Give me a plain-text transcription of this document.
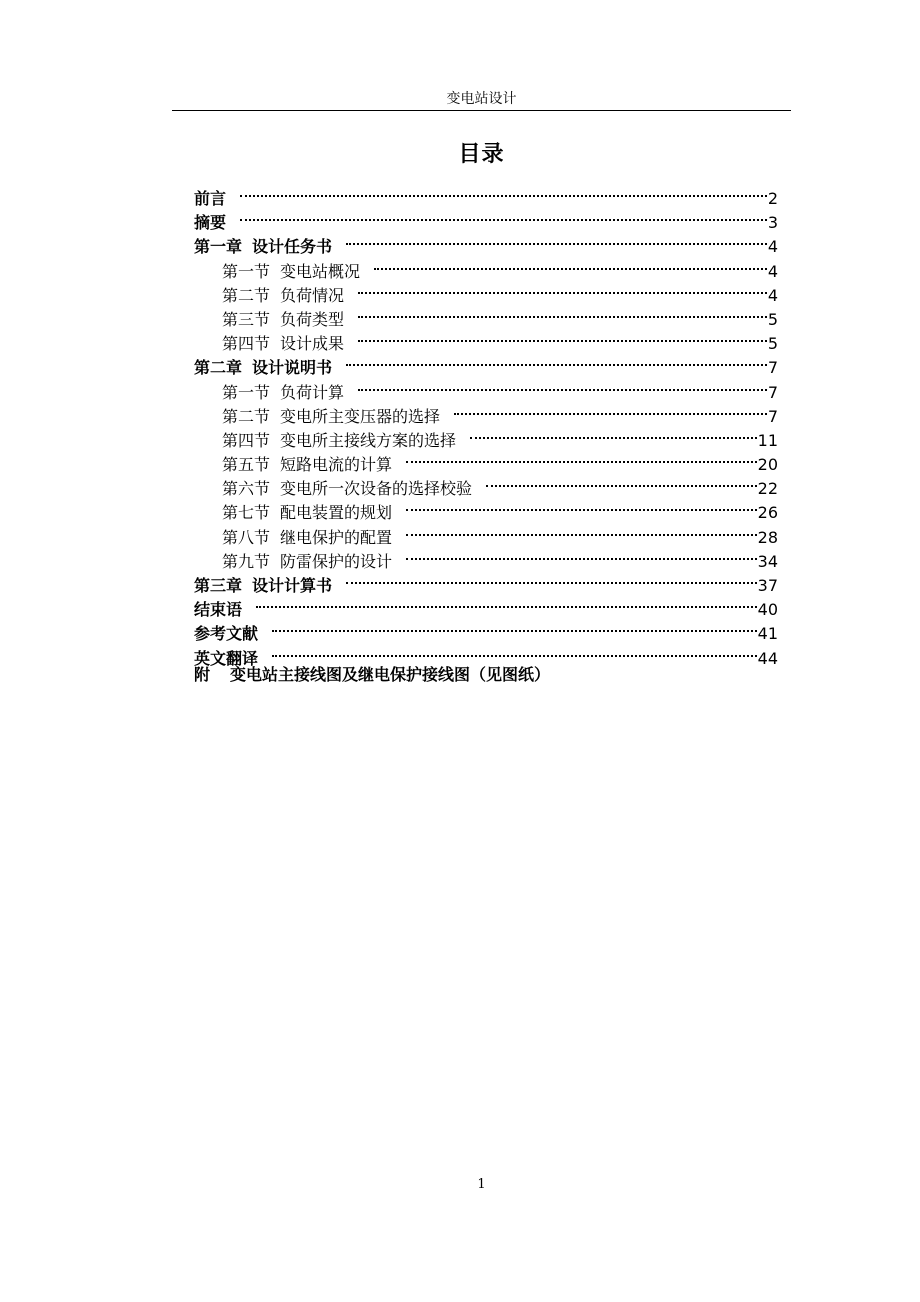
变电站设计
目录
前言	2
摘要	3
第一章 设计任务书	4
第一节 变电站概况	4
第二节 负荷情况	4
第三节 负荷类型	5
第四节 设计成果	5
第二章 设计说明书	7
第一节 负荷计算	7
第二节 变电所主变压器的选择	7
第四节 变电所主接线方案的选择	11
第五节 短路电流的计算	20
第六节 变电所一次设备的选择校验	22
第七节 配电装置的规划	26
第八节 继电保护的配置	28
第九节 防雷保护的设计	34
第三章 设计计算书	37
结束语	40
参考文献	41
英文翻译	44
附 变电站主接线图及继电保护接线图（见图纸）
1
